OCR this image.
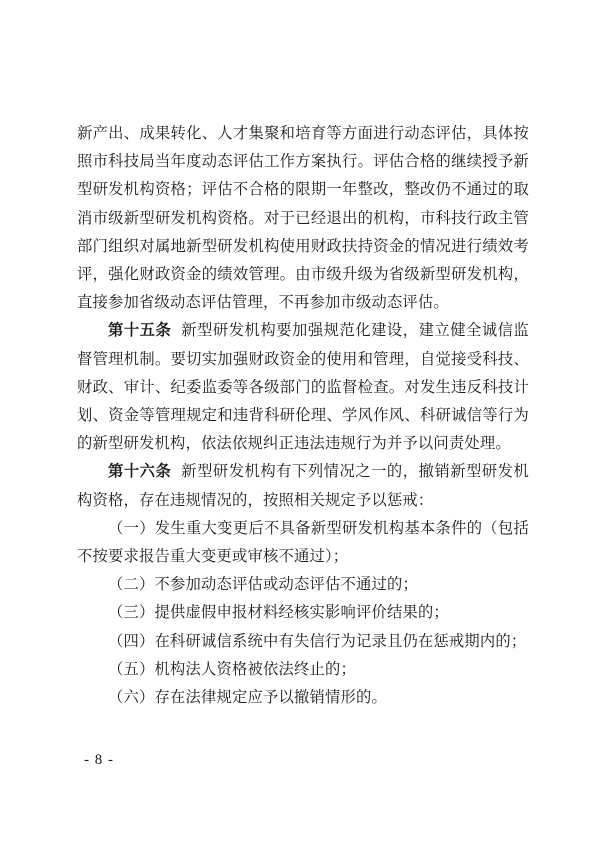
新产出、成果转化、人才集聚和培育等方面进行动态评估，具体按照市科技局当年度动态评估工作方案执行。评估合格的继续授予新型研发机构资格；评估不合格的限期一年整改，整改仍不通过的取消市级新型研发机构资格。对于已经退出的机构，市科技行政主管部门组织对属地新型研发机构使用财政扶持资金的情况进行绩效考评，强化财政资金的绩效管理。由市级升级为省级新型研发机构，直接参加省级动态评估管理，不再参加市级动态评估。

第十五条 新型研发机构要加强规范化建设，建立健全诚信监督管理机制。要切实加强财政资金的使用和管理，自觉接受科技、财政、审计、纪委监委等各级部门的监督检查。对发生违反科技计划、资金等管理规定和违背科研伦理、学风作风、科研诚信等行为的新型研发机构，依法依规纠正违法违规行为并予以问责处理。

第十六条 新型研发机构有下列情况之一的，撤销新型研发机构资格，存在违规情况的，按照相关规定予以惩戒：

（一）发生重大变更后不具备新型研发机构基本条件的（包括不按要求报告重大变更或审核不通过）；

（二）不参加动态评估或动态评估不通过的；

（三）提供虚假申报材料经核实影响评价结果的；

（四）在科研诚信系统中有失信行为记录且仍在惩戒期内的；

（五）机构法人资格被依法终止的；

（六）存在法律规定应予以撤销情形的。

- 8 -
